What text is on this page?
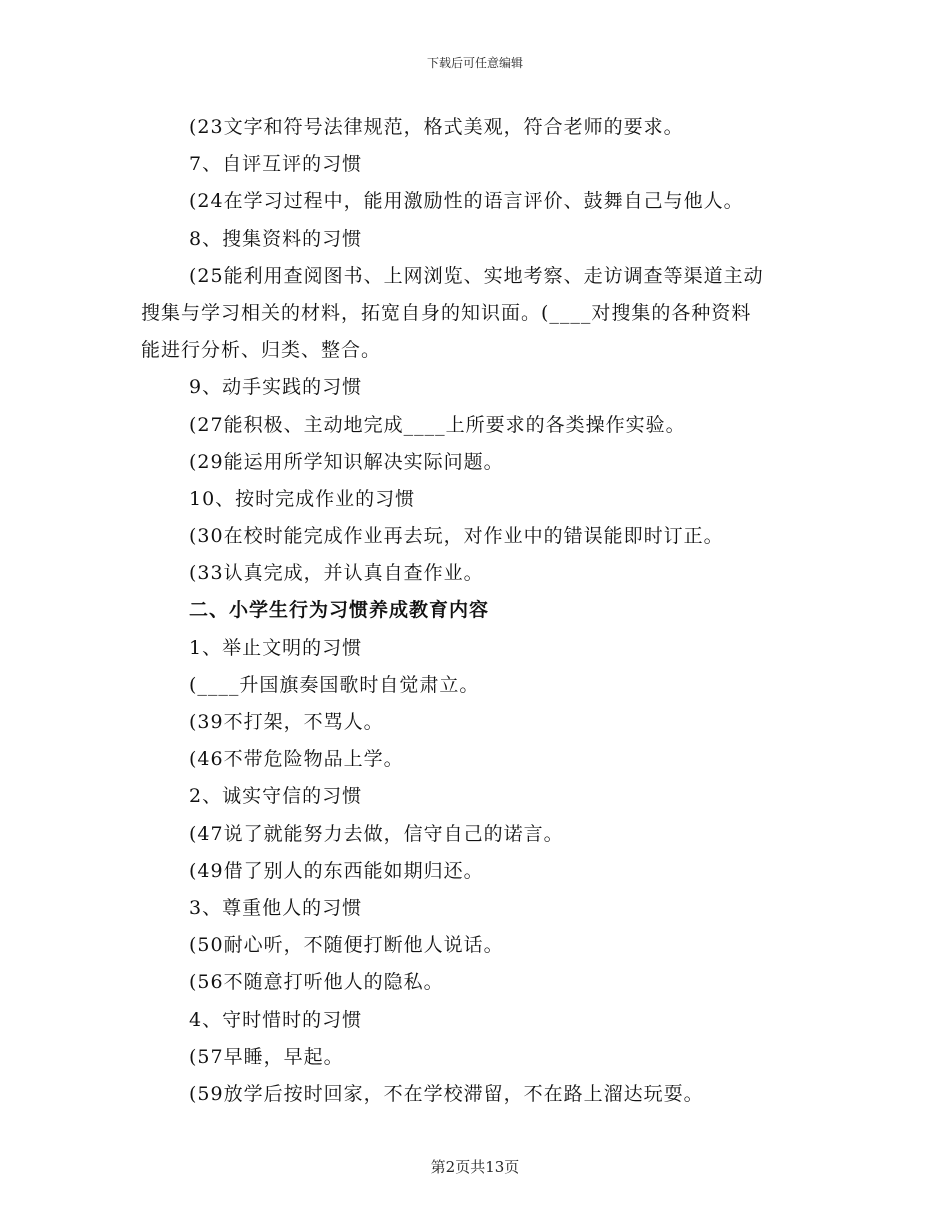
下载后可任意编辑
(23文字和符号法律规范，格式美观，符合老师的要求。
7、自评互评的习惯
(24在学习过程中，能用激励性的语言评价、鼓舞自己与他人。
8、搜集资料的习惯
(25能利用查阅图书、上网浏览、实地考察、走访调查等渠道主动
搜集与学习相关的材料，拓宽自身的知识面。(____对搜集的各种资料
能进行分析、归类、整合。
9、动手实践的习惯
(27能积极、主动地完成____上所要求的各类操作实验。
(29能运用所学知识解决实际问题。
10、按时完成作业的习惯
(30在校时能完成作业再去玩，对作业中的错误能即时订正。
(33认真完成，并认真自查作业。
二、小学生行为习惯养成教育内容
1、举止文明的习惯
(____升国旗奏国歌时自觉肃立。
(39不打架，不骂人。
(46不带危险物品上学。
2、诚实守信的习惯
(47说了就能努力去做，信守自己的诺言。
(49借了别人的东西能如期归还。
3、尊重他人的习惯
(50耐心听，不随便打断他人说话。
(56不随意打听他人的隐私。
4、守时惜时的习惯
(57早睡，早起。
(59放学后按时回家，不在学校滞留，不在路上溜达玩耍。
第2页共13页
